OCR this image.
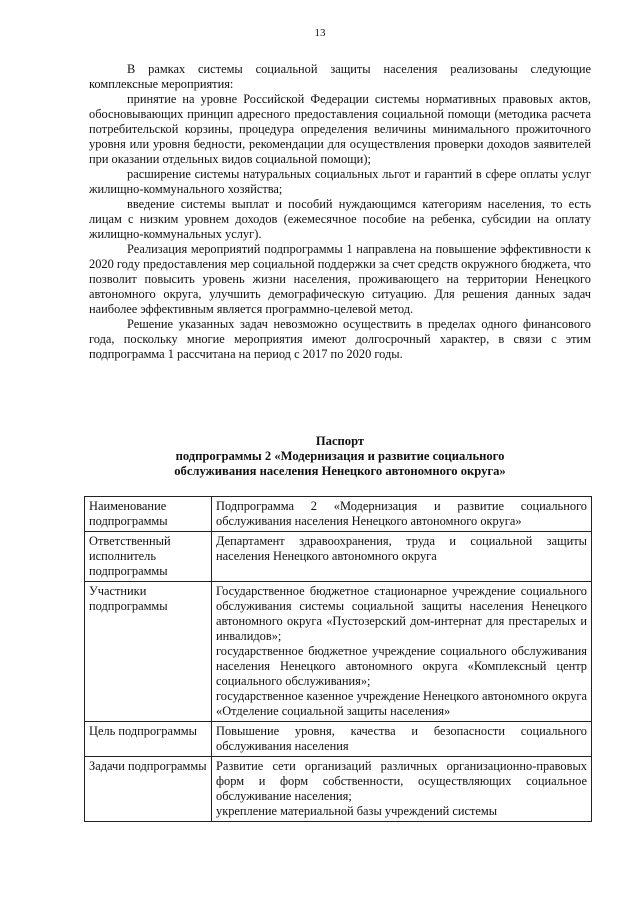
13

В рамках системы социальной защиты населения реализованы следующие комплексные мероприятия:

принятие на уровне Российской Федерации системы нормативных правовых актов, обосновывающих принцип адресного предоставления социальной помощи (методика расчета потребительской корзины, процедура определения величины минимального прожиточного уровня или уровня бедности, рекомендации для осуществления проверки доходов заявителей при оказании отдельных видов социальной помощи);

расширение системы натуральных социальных льгот и гарантий в сфере оплаты услуг жилищно-коммунального хозяйства;

введение системы выплат и пособий нуждающимся категориям населения, то есть лицам с низким уровнем доходов (ежемесячное пособие на ребенка, субсидии на оплату жилищно-коммунальных услуг).

Реализация мероприятий подпрограммы 1 направлена на повышение эффективности к 2020 году предоставления мер социальной поддержки за счет средств окружного бюджета, что позволит повысить уровень жизни населения, проживающего на территории Ненецкого автономного округа, улучшить демографическую ситуацию. Для решения данных задач наиболее эффективным является программно-целевой метод.

Решение указанных задач невозможно осуществить в пределах одного финансового года, поскольку многие мероприятия имеют долгосрочный характер, в связи с этим подпрограмма 1 рассчитана на период с 2017 по 2020 годы.

Паспорт
подпрограммы 2 «Модернизация и развитие социального
обслуживания населения Ненецкого автономного округа»
Наименование подпрограммы	Подпрограмма 2 «Модернизация и развитие социального обслуживания населения Ненецкого автономного округа»

Ответственный исполнитель подпрограммы	Департамент здравоохранения, труда и социальной защиты населения Ненецкого автономного округа

Участники подпрограммы	Государственное бюджетное стационарное учреждение социального обслуживания системы социальной защиты населения Ненецкого автономного округа «Пустозерский дом-интернат для престарелых и инвалидов»;
государственное бюджетное учреждение социального обслуживания населения Ненецкого автономного округа «Комплексный центр социального обслуживания»;
государственное казенное учреждение Ненецкого автономного округа «Отделение социальной защиты населения»

Цель подпрограммы	Повышение уровня, качества и безопасности социального обслуживания населения

Задачи подпрограммы	Развитие сети организаций различных организационно-правовых форм и форм собственности, осуществляющих социальное обслуживание населения;
укрепление материальной базы учреждений системы
